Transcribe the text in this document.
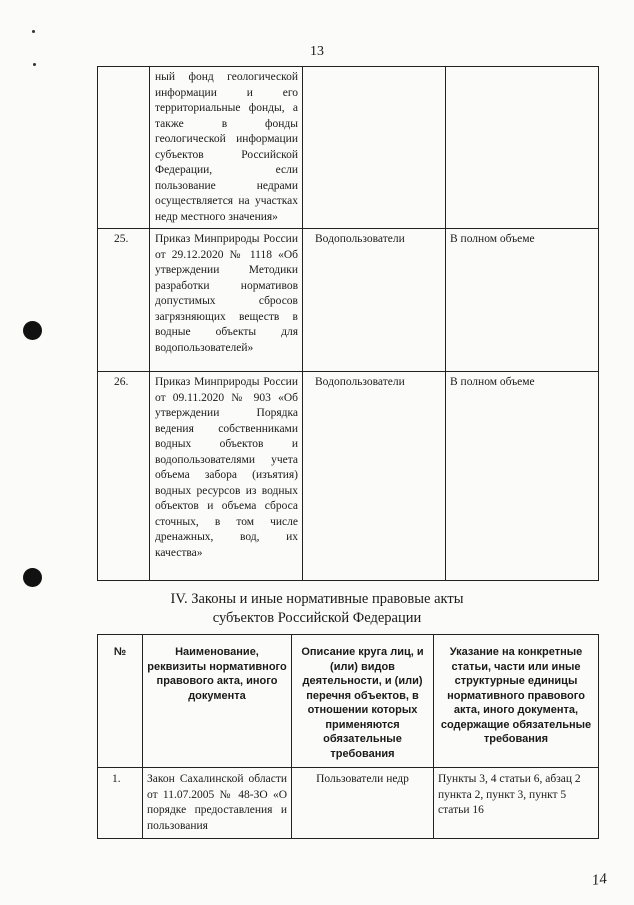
13
	ный фонд геологической информации и его территориальные фонды, а также в фонды геологической информации субъектов Российской Федерации, если пользование недрами осуществляется на участках недр местного значения»		
25.	Приказ Минприроды России от 29.12.2020 № 1118 «Об утверждении Методики разработки нормативов допустимых сбросов загрязняющих веществ в водные объекты для водопользователей»	Водопользователи	В полном объеме
26.	Приказ Минприроды России от 09.11.2020 № 903 «Об утверждении Порядка ведения собственниками водных объектов и водопользователями учета объема забора (изъятия) водных ресурсов из водных объектов и объема сброса сточных, в том числе дренажных, вод, их качества»	Водопользователи	В полном объеме
IV. Законы и иные нормативные правовые акты
субъектов Российской Федерации
№	Наименование, реквизиты нормативного правового акта, иного документа	Описание круга лиц, и (или) видов деятельности, и (или) перечня объектов, в отношении которых применяются обязательные требования	Указание на конкретные статьи, части или иные структурные единицы нормативного правового акта, иного документа, содержащие обязательные требования
1.	Закон Сахалинской области от 11.07.2005 № 48-ЗО «О порядке предоставления и пользования	Пользователи недр	Пункты 3, 4 статьи 6, абзац 2 пункта 2, пункт 3, пункт 5 статьи 16
14
